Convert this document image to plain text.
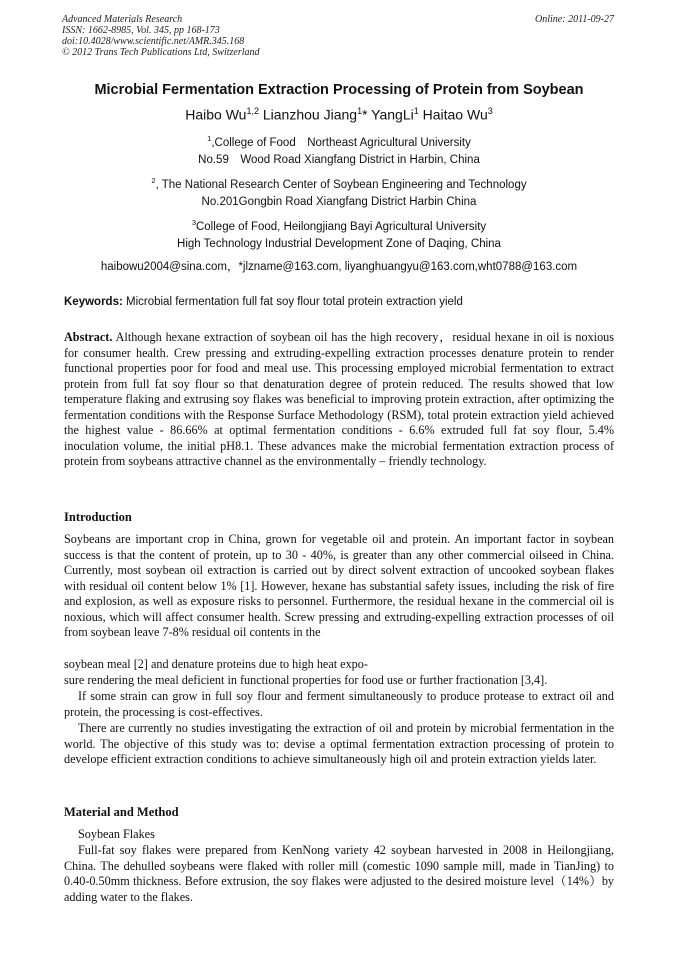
Advanced Materials Research
ISSN: 1662-8985, Vol. 345, pp 168-173
doi:10.4028/www.scientific.net/AMR.345.168
© 2012 Trans Tech Publications Ltd, Switzerland
Online: 2011-09-27
Microbial Fermentation Extraction Processing of Protein from Soybean
Haibo Wu$^{1,2}$ Lianzhou Jiang$^1$* YangLi$^1$ Haitao Wu$^3$
$^1$,College of Food Northeast Agricultural University
No.59 Wood Road Xiangfang District in Harbin, China
$^2$, The National Research Center of Soybean Engineering and Technology
No.201Gongbin Road Xiangfang District Harbin China
$^3$College of Food, Heilongjiang Bayi Agricultural University
High Technology Industrial Development Zone of Daqing, China
haibowu2004@sina.com，*jlzname@163.com, liyanghuangyu@163.com,wht0788@163.com
Keywords: Microbial fermentation full fat soy flour total protein extraction yield
Abstract. Although hexane extraction of soybean oil has the high recovery，residual hexane in oil is noxious for consumer health. Crew pressing and extruding-expelling extraction processes denature protein to render functional properties poor for food and meal use. This processing employed microbial fermentation to extract protein from full fat soy flour so that denaturation degree of protein reduced. The results showed that low temperature flaking and extrusing soy flakes was beneficial to improving protein extraction, after optimizing the fermentation conditions with the Response Surface Methodology (RSM), total protein extraction yield achieved the highest value - 86.66% at optimal fermentation conditions - 6.6% extruded full fat soy flour, 5.4% inoculation volume, the initial pH8.1. These advances make the microbial fermentation extraction process of protein from soybeans attractive channel as the environmentally – friendly technology.
Introduction
Soybeans are important crop in China, grown for vegetable oil and protein. An important factor in soybean success is that the content of protein, up to 30 - 40%, is greater than any other commercial oilseed in China. Currently, most soybean oil extraction is carried out by direct solvent extraction of uncooked soybean flakes with residual oil content below 1% [1]. However, hexane has substantial safety issues, including the risk of fire and explosion, as well as exposure risks to personnel. Furthermore, the residual hexane in the commercial oil is noxious, which will affect consumer health. Screw pressing and extruding-expelling extraction processes of oil from soybean leave 7-8% residual oil contents in the
soybean meal [2] and denature proteins due to high heat expo-
sure rendering the meal deficient in functional properties for food use or further fractionation [3,4].
If some strain can grow in full soy flour and ferment simultaneously to produce protease to extract oil and protein, the processing is cost-effectives.
There are currently no studies investigating the extraction of oil and protein by microbial fermentation in the world. The objective of this study was to: devise a optimal fermentation extraction processing of protein to develope efficient extraction conditions to achieve simultaneously high oil and protein extraction yields later.
Material and Method
Soybean Flakes
Full-fat soy flakes were prepared from KenNong variety 42 soybean harvested in 2008 in Heilongjiang, China. The dehulled soybeans were flaked with roller mill (comestic 1090 sample mill, made in TianJing) to 0.40-0.50mm thickness. Before extrusion, the soy flakes were adjusted to the desired moisture level（14%）by adding water to the flakes.
